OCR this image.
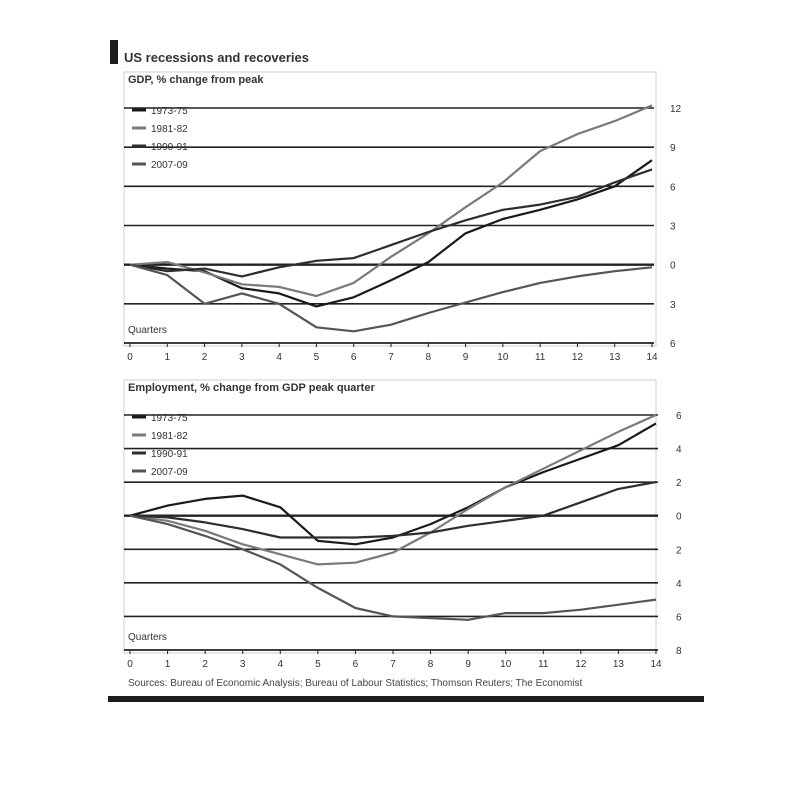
US recessions and recoveries
GDP, % change from peak
Employment, % change from GDP peak quarter
12
9
6
3
0
3
6
0	1	2	3	4	5	6	7	8	9	10	11	12	13	14
Quarters
1973-75
1981-82
1990-91
2007-09
6
4
2
0
2
4
6
8
0	1	2	3	4	5	6	7	8	9	10	11	12	13	14
Quarters
1973-75
1981-82
1990-91
2007-09
Sources: Bureau of Economic Analysis; Bureau of Labour Statistics; Thomson Reuters; The Economist
